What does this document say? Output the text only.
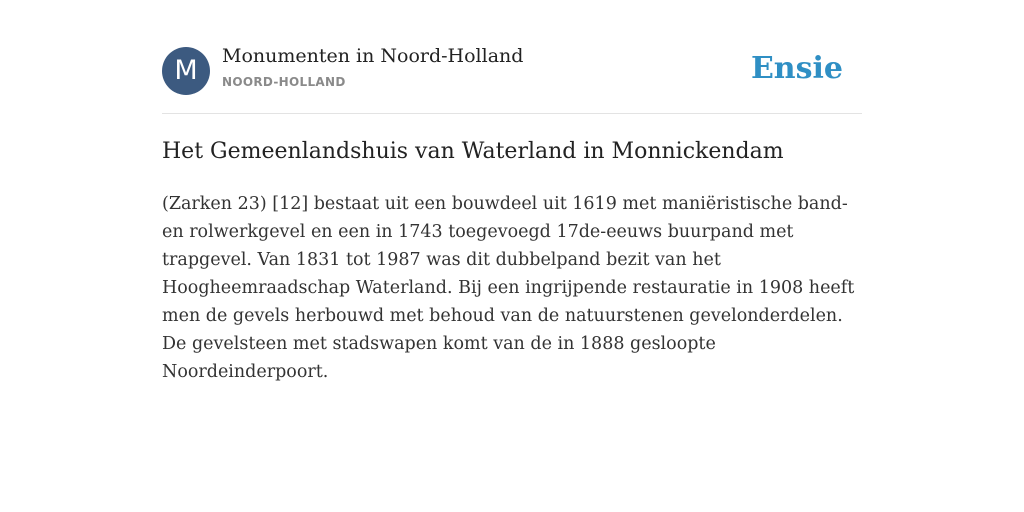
M	Monumenten in Noord-Holland
NOORD-HOLLAND	Ensie
Het Gemeenlandshuis van Waterland in Monnickendam

(Zarken 23) [12] bestaat uit een bouwdeel uit 1619 met maniëristische band- en rolwerkgevel en een in 1743 toegevoegd 17de-eeuws buurpand met trapgevel. Van 1831 tot 1987 was dit dubbelpand bezit van het Hoogheemraadschap Waterland. Bij een ingrijpende restauratie in 1908 heeft men de gevels herbouwd met behoud van de natuurstenen gevelonderdelen. De gevelsteen met stadswapen komt van de in 1888 gesloopte Noordeinderpoort.
